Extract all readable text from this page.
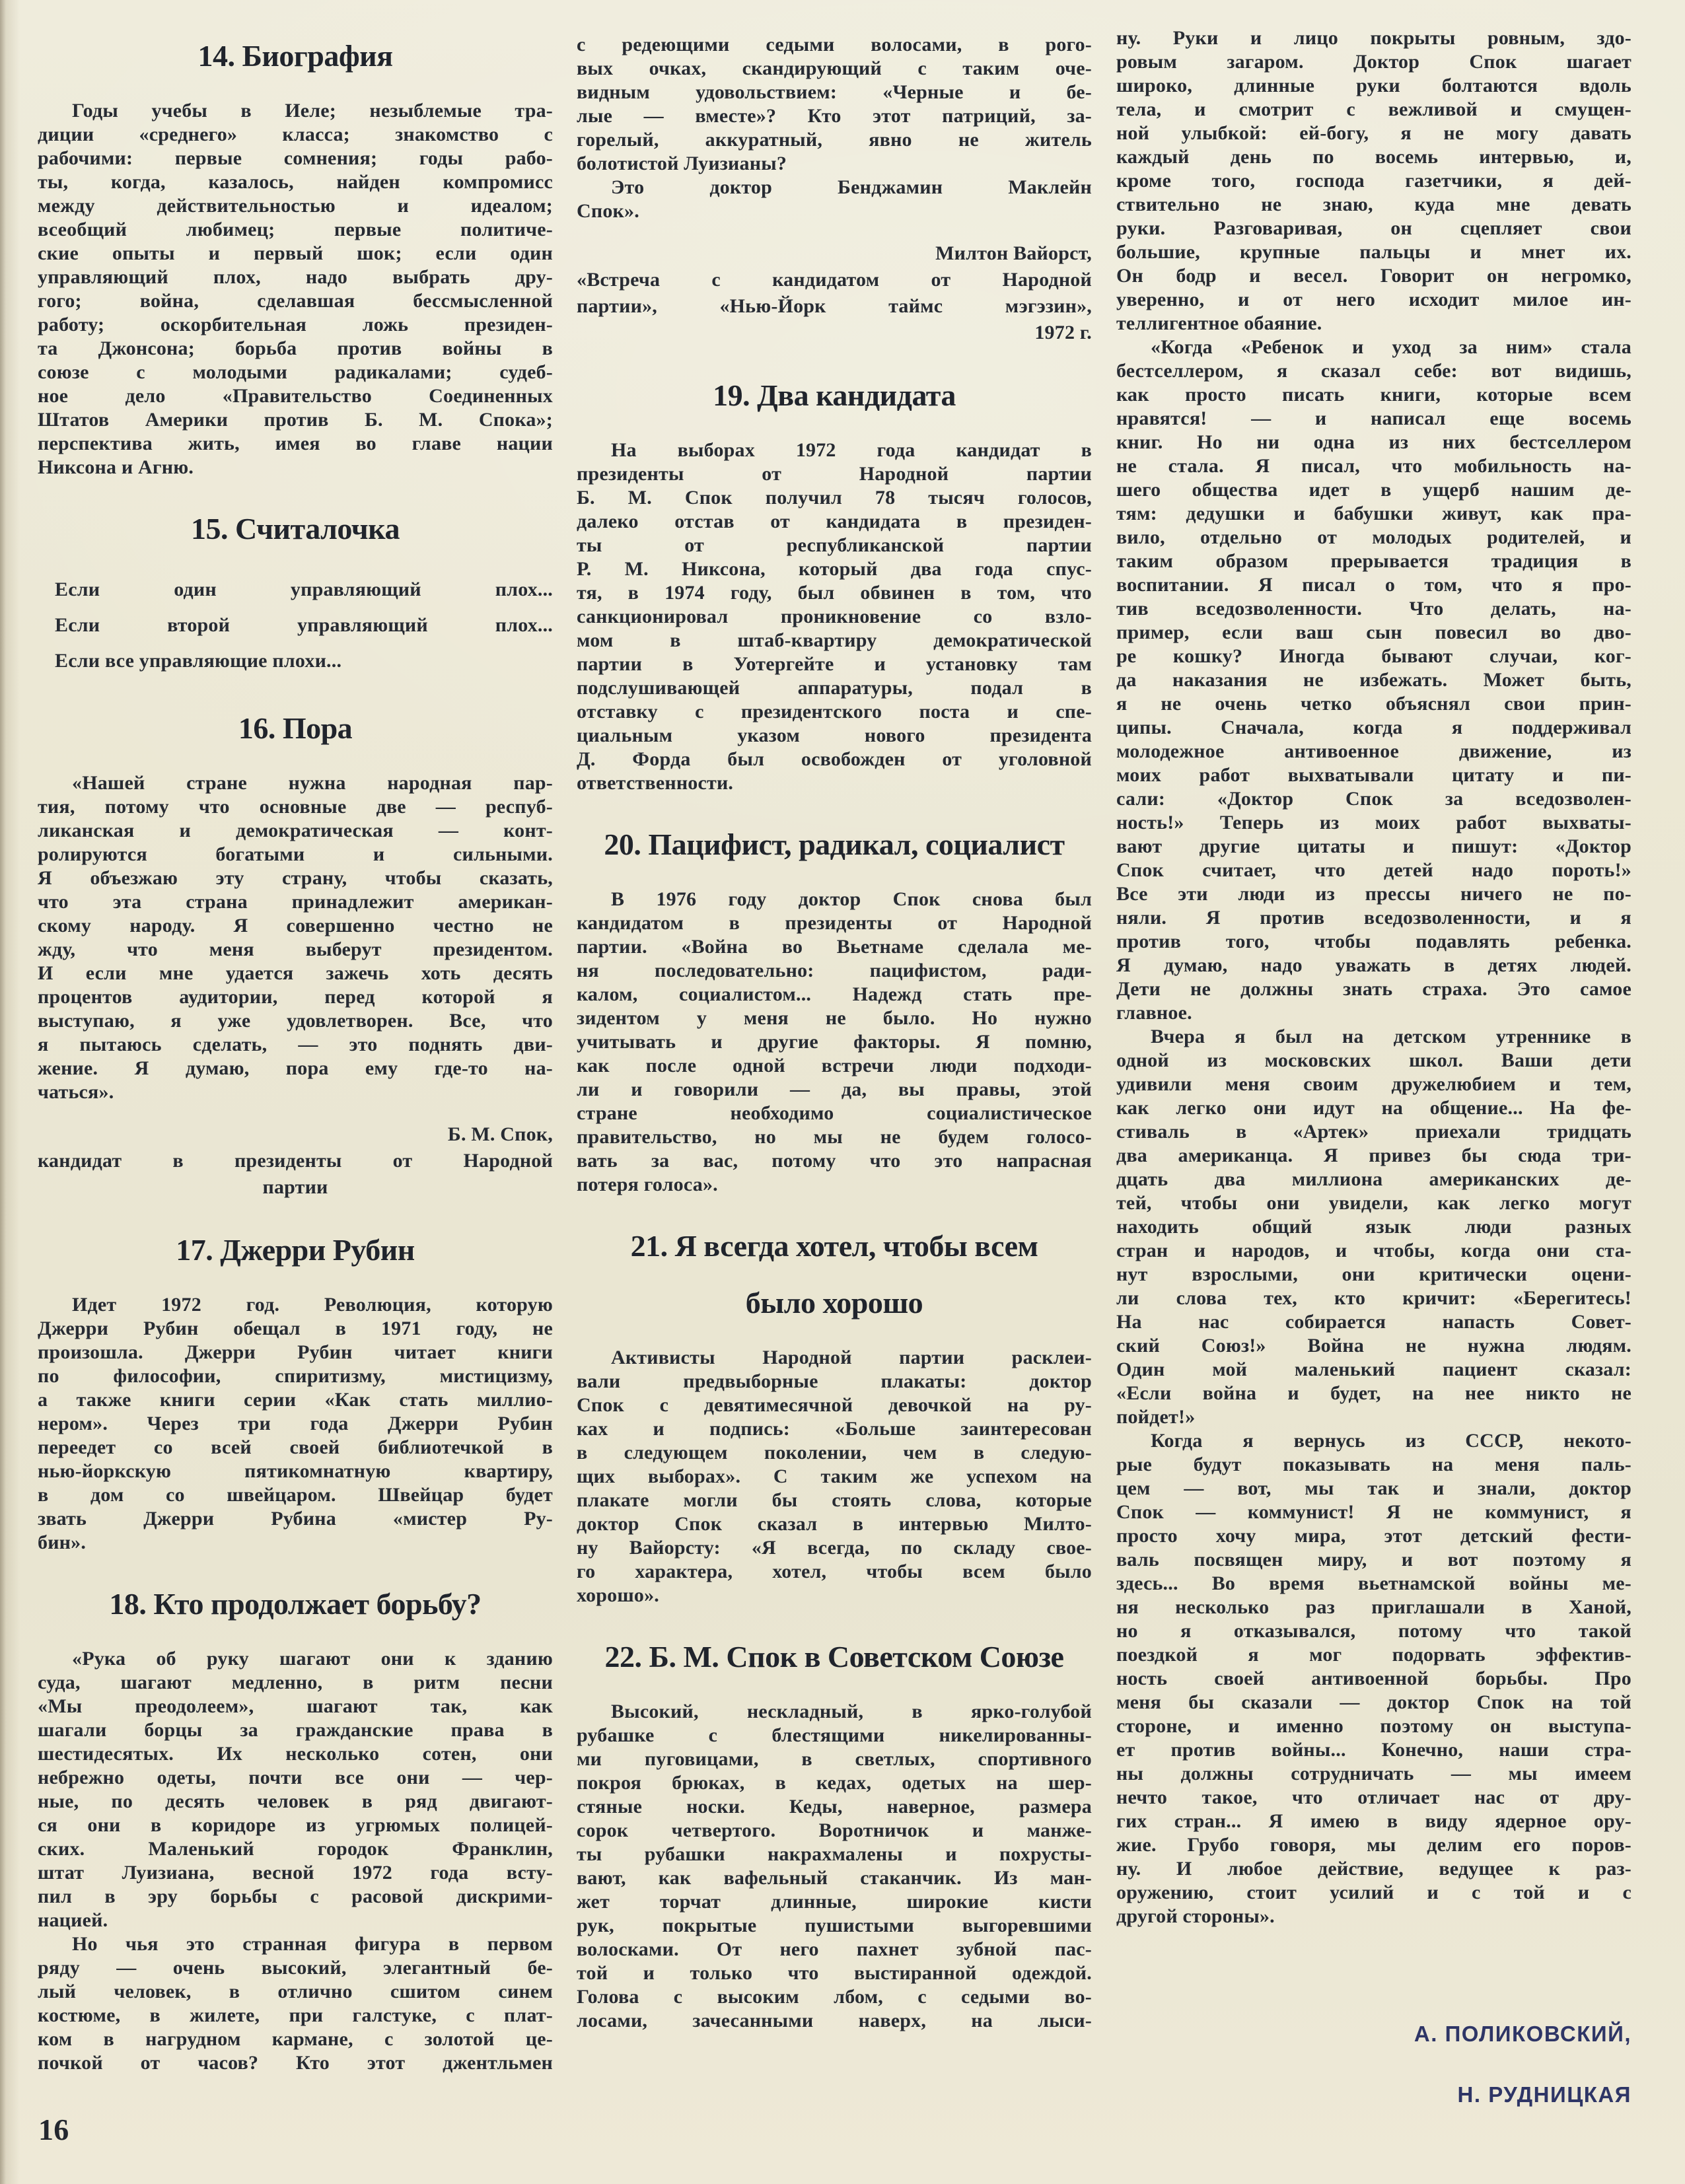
14. Биография
Годы учебы в Иеле; незыблемые тра-
диции «среднего» класса; знакомство с
рабочими: первые сомнения; годы рабо-
ты, когда, казалось, найден компромисс
между действительностью и идеалом;
всеобщий любимец; первые политиче-
ские опыты и первый шок; если один
управляющий плох, надо выбрать дру-
гого; война, сделавшая бессмысленной
работу; оскорбительная ложь президен-
та Джонсона; борьба против войны в
союзе с молодыми радикалами; судеб-
ное дело «Правительство Соединенных
Штатов Америки против Б. М. Спока»;
перспектива жить, имея во главе нации
Никсона и Агню.
15. Считалочка
Если один управляющий плох...
Если второй управляющий плох...
Если все управляющие плохи...
16. Пора
«Нашей стране нужна народная пар-
тия, потому что основные две — респуб-
ликанская и демократическая — конт-
ролируются богатыми и сильными.
Я объезжаю эту страну, чтобы сказать,
что эта страна принадлежит американ-
скому народу. Я совершенно честно не
жду, что меня выберут президентом.
И если мне удается зажечь хоть десять
процентов аудитории, перед которой я
выступаю, я уже удовлетворен. Все, что
я пытаюсь сделать, — это поднять дви-
жение. Я думаю, пора ему где-то на-
чаться».
Б. М. Спок,
кандидат в президенты от Народной
партии
17. Джерри Рубин
Идет 1972 год. Революция, которую
Джерри Рубин обещал в 1971 году, не
произошла. Джерри Рубин читает книги
по философии, спиритизму, мистицизму,
а также книги серии «Как стать миллио-
нером». Через три года Джерри Рубин
переедет со всей своей библиотечкой в
нью-йоркскую пятикомнатную квартиру,
в дом со швейцаром. Швейцар будет
звать Джерри Рубина «мистер Ру-
бин».
18. Кто продолжает борьбу?
«Рука об руку шагают они к зданию
суда, шагают медленно, в ритм песни
«Мы преодолеем», шагают так, как
шагали борцы за гражданские права в
шестидесятых. Их несколько сотен, они
небрежно одеты, почти все они — чер-
ные, по десять человек в ряд двигают-
ся они в коридоре из угрюмых полицей-
ских. Маленький городок Франклин,
штат Луизиана, весной 1972 года всту-
пил в эру борьбы с расовой дискрими-
нацией.
Но чья это странная фигура в первом
ряду — очень высокий, элегантный бе-
лый человек, в отлично сшитом синем
костюме, в жилете, при галстуке, с плат-
ком в нагрудном кармане, с золотой це-
почкой от часов? Кто этот джентльмен
с редеющими седыми волосами, в рого-
вых очках, скандирующий с таким оче-
видным удовольствием: «Черные и бе-
лые — вместе»? Кто этот патриций, за-
горелый, аккуратный, явно не житель
болотистой Луизианы?
Это доктор Бенджамин Маклейн
Спок».
Милтон Вайорст,
«Встреча с кандидатом от Народной
партии», «Нью-Йорк таймс мэгэзин»,
1972 г.
19. Два кандидата
На выборах 1972 года кандидат в
президенты от Народной партии
Б. М. Спок получил 78 тысяч голосов,
далеко отстав от кандидата в президен-
ты от республиканской партии
Р. М. Никсона, который два года спус-
тя, в 1974 году, был обвинен в том, что
санкционировал проникновение со взло-
мом в штаб-квартиру демократической
партии в Уотергейте и установку там
подслушивающей аппаратуры, подал в
отставку с президентского поста и спе-
циальным указом нового президента
Д. Форда был освобожден от уголовной
ответственности.
20. Пацифист, радикал, социалист
В 1976 году доктор Спок снова был
кандидатом в президенты от Народной
партии. «Война во Вьетнаме сделала ме-
ня последовательно: пацифистом, ради-
калом, социалистом... Надежд стать пре-
зидентом у меня не было. Но нужно
учитывать и другие факторы. Я помню,
как после одной встречи люди подходи-
ли и говорили — да, вы правы, этой
стране необходимо социалистическое
правительство, но мы не будем голосо-
вать за вас, потому что это напрасная
потеря голоса».
21. Я всегда хотел, чтобы всем
было хорошо
Активисты Народной партии расклеи-
вали предвыборные плакаты: доктор
Спок с девятимесячной девочкой на ру-
ках и подпись: «Больше заинтересован
в следующем поколении, чем в следую-
щих выборах». С таким же успехом на
плакате могли бы стоять слова, которые
доктор Спок сказал в интервью Милто-
ну Вайорсту: «Я всегда, по складу свое-
го характера, хотел, чтобы всем было
хорошо».
22. Б. М. Спок в Советском Союзе
Высокий, нескладный, в ярко-голубой
рубашке с блестящими никелированны-
ми пуговицами, в светлых, спортивного
покроя брюках, в кедах, одетых на шер-
стяные носки. Кеды, наверное, размера
сорок четвертого. Воротничок и манже-
ты рубашки накрахмалены и похрусты-
вают, как вафельный стаканчик. Из ман-
жет торчат длинные, широкие кисти
рук, покрытые пушистыми выгоревшими
волосками. От него пахнет зубной пас-
той и только что выстиранной одеждой.
Голова с высоким лбом, с седыми во-
лосами, зачесанными наверх, на лыси-
ну. Руки и лицо покрыты ровным, здо-
ровым загаром. Доктор Спок шагает
широко, длинные руки болтаются вдоль
тела, и смотрит с вежливой и смущен-
ной улыбкой: ей-богу, я не могу давать
каждый день по восемь интервью, и,
кроме того, господа газетчики, я дей-
ствительно не знаю, куда мне девать
руки. Разговаривая, он сцепляет свои
большие, крупные пальцы и мнет их.
Он бодр и весел. Говорит он негромко,
уверенно, и от него исходит милое ин-
теллигентное обаяние.
«Когда «Ребенок и уход за ним» стала
бестселлером, я сказал себе: вот видишь,
как просто писать книги, которые всем
нравятся! — и написал еще восемь
книг. Но ни одна из них бестселлером
не стала. Я писал, что мобильность на-
шего общества идет в ущерб нашим де-
тям: дедушки и бабушки живут, как пра-
вило, отдельно от молодых родителей, и
таким образом прерывается традиция в
воспитании. Я писал о том, что я про-
тив вседозволенности. Что делать, на-
пример, если ваш сын повесил во дво-
ре кошку? Иногда бывают случаи, ког-
да наказания не избежать. Может быть,
я не очень четко объяснял свои прин-
ципы. Сначала, когда я поддерживал
молодежное антивоенное движение, из
моих работ выхватывали цитату и пи-
сали: «Доктор Спок за вседозволен-
ность!» Теперь из моих работ выхваты-
вают другие цитаты и пишут: «Доктор
Спок считает, что детей надо пороть!»
Все эти люди из прессы ничего не по-
няли. Я против вседозволенности, и я
против того, чтобы подавлять ребенка.
Я думаю, надо уважать в детях людей.
Дети не должны знать страха. Это самое
главное.
Вчера я был на детском утреннике в
одной из московских школ. Ваши дети
удивили меня своим дружелюбием и тем,
как легко они идут на общение... На фе-
стиваль в «Артек» приехали тридцать
два американца. Я привез бы сюда три-
дцать два миллиона американских де-
тей, чтобы они увидели, как легко могут
находить общий язык люди разных
стран и народов, и чтобы, когда они ста-
нут взрослыми, они критически оцени-
ли слова тех, кто кричит: «Берегитесь!
На нас собирается напасть Совет-
ский Союз!» Война не нужна людям.
Один мой маленький пациент сказал:
«Если война и будет, на нее никто не
пойдет!»
Когда я вернусь из СССР, некото-
рые будут показывать на меня паль-
цем — вот, мы так и знали, доктор
Спок — коммунист! Я не коммунист, я
просто хочу мира, этот детский фести-
валь посвящен миру, и вот поэтому я
здесь... Во время вьетнамской войны ме-
ня несколько раз приглашали в Ханой,
но я отказывался, потому что такой
поездкой я мог подорвать эффектив-
ность своей антивоенной борьбы. Про
меня бы сказали — доктор Спок на той
стороне, и именно поэтому он выступа-
ет против войны... Конечно, наши стра-
ны должны сотрудничать — мы имеем
нечто такое, что отличает нас от дру-
гих стран... Я имею в виду ядерное ору-
жие. Грубо говоря, мы делим его поров-
ну. И любое действие, ведущее к раз-
оружению, стоит усилий и с той и с
другой стороны».
А. ПОЛИКОВСКИЙ,
Н. РУДНИЦКАЯ
16
